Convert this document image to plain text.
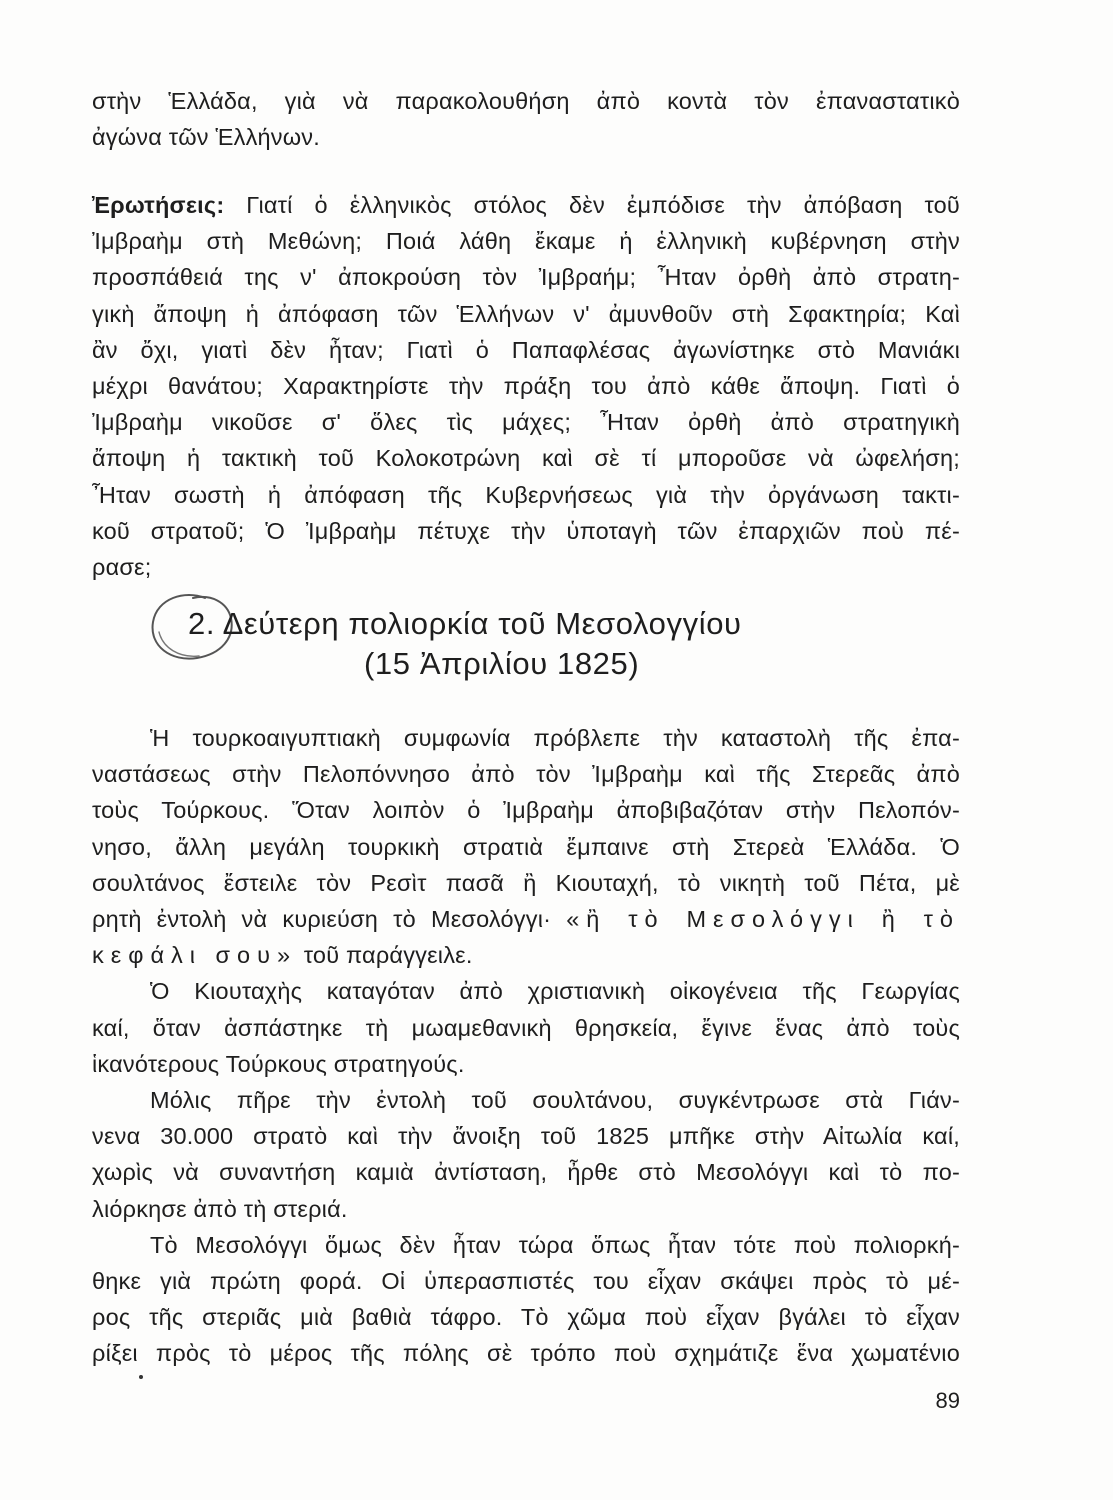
στὴν Ἑλλάδα, γιὰ νὰ παρακολουθήση ἀπὸ κοντὰ τὸν ἐπαναστατικὸ
ἀγώνα τῶν Ἑλλήνων.
Ἐρωτήσεις: Γιατί ὁ ἑλληνικὸς στόλος δὲν ἐμπόδισε τὴν ἀπόβαση τοῦ
Ἰμβραὴμ στὴ Μεθώνη; Ποιά λάθη ἔκαμε ἡ ἑλληνικὴ κυβέρνηση στὴν
προσπάθειά της ν' ἀποκρούση τὸν Ἰμβραήμ; Ἦταν ὀρθὴ ἀπὸ στρατη-
γικὴ ἄποψη ἡ ἀπόφαση τῶν Ἑλλήνων ν' ἀμυνθοῦν στὴ Σφακτηρία; Καὶ
ἂν ὄχι, γιατὶ δὲν ἦταν; Γιατὶ ὁ Παπαφλέσας ἀγωνίστηκε στὸ Μανιάκι
μέχρι θανάτου; Χαρακτηρίστε τὴν πράξη του ἀπὸ κάθε ἄποψη. Γιατὶ ὁ
Ἰμβραὴμ νικοῦσε σ' ὅλες τὶς μάχες; Ἦταν ὀρθὴ ἀπὸ στρατηγικὴ
ἄποψη ἡ τακτικὴ τοῦ Κολοκοτρώνη καὶ σὲ τί μποροῦσε νὰ ὠφελήση;
Ἦταν σωστὴ ἡ ἀπόφαση τῆς Κυβερνήσεως γιὰ τὴν ὀργάνωση τακτι-
κοῦ στρατοῦ; Ὁ Ἰμβραὴμ πέτυχε τὴν ὑποταγὴ τῶν ἐπαρχιῶν ποὺ πέ-
ρασε;
2. Δεύτερη πολιορκία τοῦ Μεσολογγίου
(15 Ἀπριλίου 1825)
Ἡ τουρκοαιγυπτιακὴ συμφωνία πρόβλεπε τὴν καταστολὴ τῆς ἐπα-
ναστάσεως στὴν Πελοπόννησο ἀπὸ τὸν Ἰμβραὴμ καὶ τῆς Στερεᾶς ἀπὸ
τοὺς Τούρκους. Ὅταν λοιπὸν ὁ Ἰμβραὴμ ἀποβιβαζόταν στὴν Πελοπόν-
νησο, ἄλλη μεγάλη τουρκικὴ στρατιὰ ἔμπαινε στὴ Στερεὰ Ἑλλάδα. Ὁ
σουλτάνος ἔστειλε τὸν Ρεσὶτ πασᾶ ἢ Κιουταχή, τὸ νικητὴ τοῦ Πέτα, μὲ
ρητὴ ἐντολὴ νὰ κυριεύση τὸ Μεσολόγγι· «ἢ τὸ Μεσολόγγι ἢ τὸ
κεφάλι σου» τοῦ παράγγειλε.
Ὁ Κιουταχὴς καταγόταν ἀπὸ χριστιανικὴ οἰκογένεια τῆς Γεωργίας
καί, ὅταν ἀσπάστηκε τὴ μωαμεθανικὴ θρησκεία, ἔγινε ἕνας ἀπὸ τοὺς
ἱκανότερους Τούρκους στρατηγούς.
Μόλις πῆρε τὴν ἐντολὴ τοῦ σουλτάνου, συγκέντρωσε στὰ Γιάν-
νενα 30.000 στρατὸ καὶ τὴν ἄνοιξη τοῦ 1825 μπῆκε στὴν Αἰτωλία καί,
χωρὶς νὰ συναντήση καμιὰ ἀντίσταση, ἦρθε στὸ Μεσολόγγι καὶ τὸ πο-
λιόρκησε ἀπὸ τὴ στεριά.
Τὸ Μεσολόγγι ὅμως δὲν ἦταν τώρα ὅπως ἦταν τότε ποὺ πολιορκή-
θηκε γιὰ πρώτη φορά. Οἱ ὑπερασπιστές του εἶχαν σκάψει πρὸς τὸ μέ-
ρος τῆς στεριᾶς μιὰ βαθιὰ τάφρο. Τὸ χῶμα ποὺ εἶχαν βγάλει τὸ εἶχαν
ρίξει πρὸς τὸ μέρος τῆς πόλης σὲ τρόπο ποὺ σχημάτιζε ἕνα χωματένιο
89
